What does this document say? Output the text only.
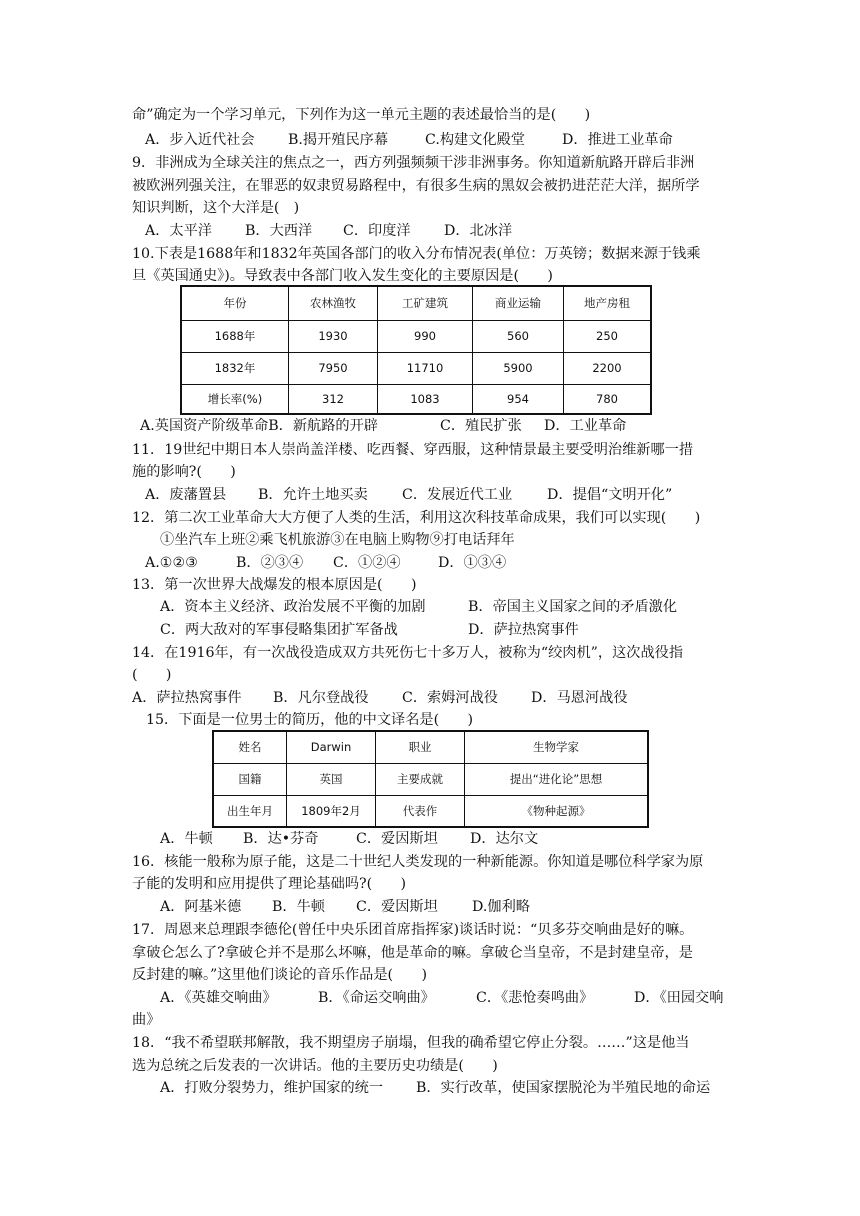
命”确定为一个学习单元，下列作为这一单元主题的表述最恰当的是(　　)
A．步入近代社会 B.揭开殖民序幕	C.构建文化殿堂	D．推进工业革命
9．非洲成为全球关注的焦点之一，西方列强频频干涉非洲事务。你知道新航路开辟后非洲
被欧洲列强关注，在罪恶的奴隶贸易路程中，有很多生病的黑奴会被扔进茫茫大洋，据所学
知识判断，这个大洋是(　)
A．太平洋 B．大西洋 C．印度洋 D．北冰洋
10.下表是1688年和1832年英国各部门的收入分布情况表(单位：万英镑；数据来源于钱乘
旦《英国通史》)。导致表中各部门收入发生变化的主要原因是(　　)
年份	农林渔牧	工矿建筑	商业运输	地产房租
1688年	1930	990	560	250
1832年	7950	11710	5900	2200
增长率(%)	312	1083	954	780
A.英国资产阶级革命B．新航路的开辟	C．殖民扩张 D．工业革命
11．19世纪中期日本人崇尚盖洋楼、吃西餐、穿西服，这种情景最主要受明治维新哪一措
施的影响?(　　)
A．废藩置县 B．允许土地买卖 C．发展近代工业 D．提倡“文明开化”
12．第二次工业革命大大方便了人类的生活，利用这次科技革命成果，我们可以实现(　　)
①坐汽车上班②乘飞机旅游③在电脑上购物⑨打电话拜年
A.①②③	B．②③④ C．①②④	D．①③④
13．第一次世界大战爆发的根本原因是(　　)
A．资本主义经济、政治发展不平衡的加剧	B．帝国主义国家之间的矛盾激化
C．两大敌对的军事侵略集团扩军备战	D．萨拉热窝事件
14．在1916年，有一次战役造成双方共死伤七十多万人，被称为“绞肉机”，这次战役指
(　　)
A．萨拉热窝事件 B．凡尔登战役 C．索姆河战役 D．马恩河战役
15．下面是一位男士的简历，他的中文译名是(　　)
姓名	Darwin	职业	生物学家
国籍	英国	主要成就	提出“进化论”思想
出生年月	1809年2月	代表作	《物种起源》
A．牛顿 B．达•芬奇	C．爱因斯坦 D．达尔文
16．核能一般称为原子能，这是二十世纪人类发现的一种新能源。你知道是哪位科学家为原
子能的发明和应用提供了理论基础吗?(　　)
A．阿基米德 B．牛顿 C．爱因斯坦 D.伽利略
17．周恩来总理跟李德伦(曾任中央乐团首席指挥家)谈话时说：“贝多芬交响曲是好的嘛。
拿破仑怎么了?拿破仑并不是那么坏嘛，他是革命的嘛。拿破仑当皇帝，不是封建皇帝，是
反封建的嘛。”这里他们谈论的音乐作品是(　　)
A．《英雄交响曲》	B．《命运交响曲》	C．《悲怆奏鸣曲》	D．《田园交响
曲》
18．“我不希望联邦解散，我不期望房子崩塌，但我的确希望它停止分裂。……”这是他当
选为总统之后发表的一次讲话。他的主要历史功绩是(　　)
A．打败分裂势力，维护国家的统一 B．实行改革，使国家摆脱沦为半殖民地的命运
